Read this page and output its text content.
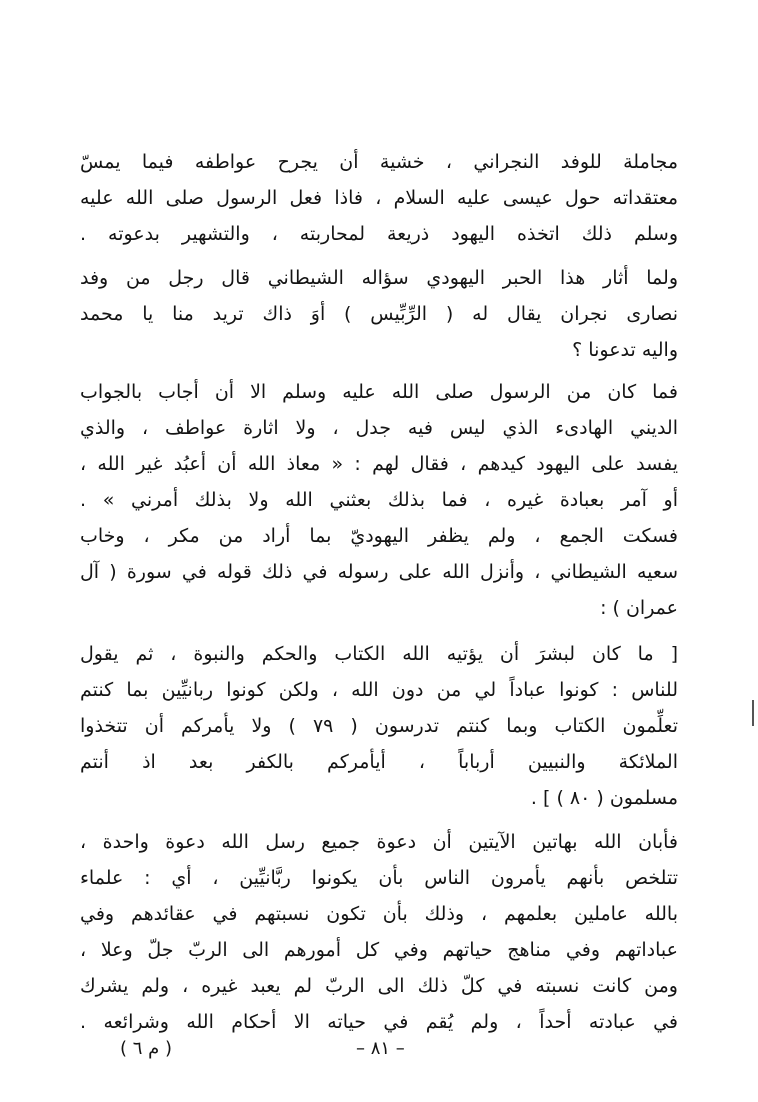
مجاملة للوفد النجراني ، خشية أن يجرح عواطفه فيما يمسّ
معتقداته حول عيسى عليه السلام ، فاذا فعل الرسول صلى الله عليه
وسلم ذلك اتخذه اليهود ذريعة لمحاربته ، والتشهير بدعوته .
ولما أثار هذا الحبر اليهودي سؤاله الشيطاني قال رجل من وفد
نصارى نجران يقال له ( الرِّبِّيس ) أوَ ذاك تريد منا يا محمد
واليه تدعونا ؟
فما كان من الرسول صلى الله عليه وسلم الا أن أجاب بالجواب
الديني الهادىء الذي ليس فيه جدل ، ولا اثارة عواطف ، والذي
يفسد على اليهود كيدهم ، فقال لهم : « معاذ الله أن أعبُد غير الله ،
أو آمر بعبادة غيره ، فما بذلك بعثني الله ولا بذلك أمرني » .
فسكت الجمع ، ولم يظفر اليهوديّ بما أراد من مكر ، وخاب
سعيه الشيطاني ، وأنزل الله على رسوله في ذلك قوله في سورة ( آل
عمران ) :
[ ما كان لبشرَ أن يؤتيه الله الكتاب والحكم والنبوة ، ثم يقول
للناس : كونوا عباداً لي من دون الله ، ولكن كونوا ربانيِّين بما كنتم
تعلِّمون الكتاب وبما كنتم تدرسون ( ٧٩ ) ولا يأمركم أن تتخذوا
الملائكة والنبيين أرباباً ، أيأمركم بالكفر بعد اذ أنتم
مسلمون ( ٨٠ ) ] .
فأبان الله بهاتين الآيتين أن دعوة جميع رسل الله دعوة واحدة ،
تتلخص بأنهم يأمرون الناس بأن يكونوا ربَّانيِّين ، أي : علماء
بالله عاملين بعلمهم ، وذلك بأن تكون نسبتهم في عقائدهم وفي
عباداتهم وفي مناهج حياتهم وفي كل أمورهم الى الربّ جلّ وعلا ،
ومن كانت نسبته في كلّ ذلك الى الربّ لم يعبد غيره ، ولم يشرك
في عبادته أحداً ، ولم يُقم في حياته الا أحكام الله وشرائعه .
– ٨١ –
( م ٦ )
